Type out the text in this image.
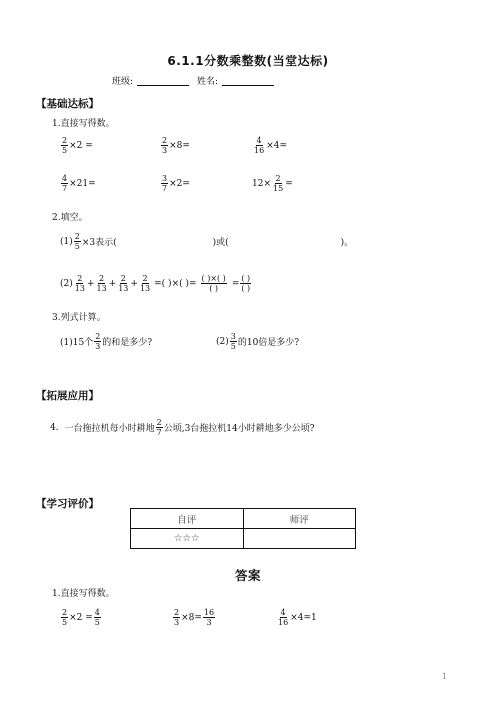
6.1.1分数乘整数(当堂达标)
班级:	姓名:
【基础达标】
1.直接写得数。
$\frac{2}{5} \times 2$ =	$\frac{2}{3} \times 8=$	$\frac{4}{16} \times 4=$
$\frac{4}{7} \times 21=$	$\frac{3}{7} \times 2=$	$12\times \frac{2}{15}$ =
2.填空。
$(1) \frac{2}{5} \times 3$表示(	)或(	)。
$(2) \frac{2}{13} + \frac{2}{13} + \frac{2}{13} + \frac{2}{13}$ =( )×( )= $\frac{( )\times( )}{( )} = \frac{( )}{( )}$
3.列式计算。
(1)15个 $\frac{2}{3}$ 的和是多少?	$(2) \frac{3}{5}$ 的10倍是多少?
【拓展应用】
4. 一台拖拉机每小时耕地 $\frac{2}{7}$ 公顷,3台拖拉机14小时耕地多少公顷?
【学习评价】
自评	师评
☆☆☆	
答案
1.直接写得数。
$\frac{2}{5} \times 2 = \frac{4}{5}$	$\frac{2}{3} \times 8= \frac{16}{3}$	$\frac{4}{16} \times 4=1$
1
